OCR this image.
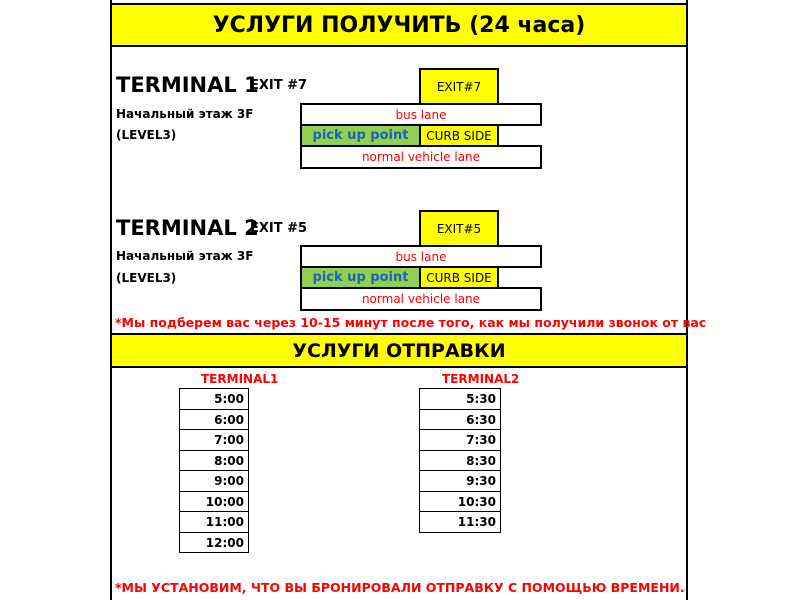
УСЛУГИ ПОЛУЧИТЬ (24 часа)
TERMINAL 1
EXIT #7
Начальный этаж 3F
(LEVEL3)
EXIT#7
bus lane
pick up point CURB SIDE
normal vehicle lane
TERMINAL 2
EXIT #5
Начальный этаж 3F
(LEVEL3)
EXIT#5
bus lane
pick up point CURB SIDE
normal vehicle lane
*Мы подберем вас через 10-15 минут после того, как мы получили звонок от вас
УСЛУГИ ОТПРАВКИ
TERMINAL1	TERMINAL2
5:00
6:00
7:00
8:00
9:00
10:00
11:00
12:00
5:30
6:30
7:30
8:30
9:30
10:30
11:30
*МЫ УСТАНОВИМ, ЧТО ВЫ БРОНИРОВАЛИ ОТПРАВКУ С ПОМОЩЬЮ ВРЕМЕНИ.
